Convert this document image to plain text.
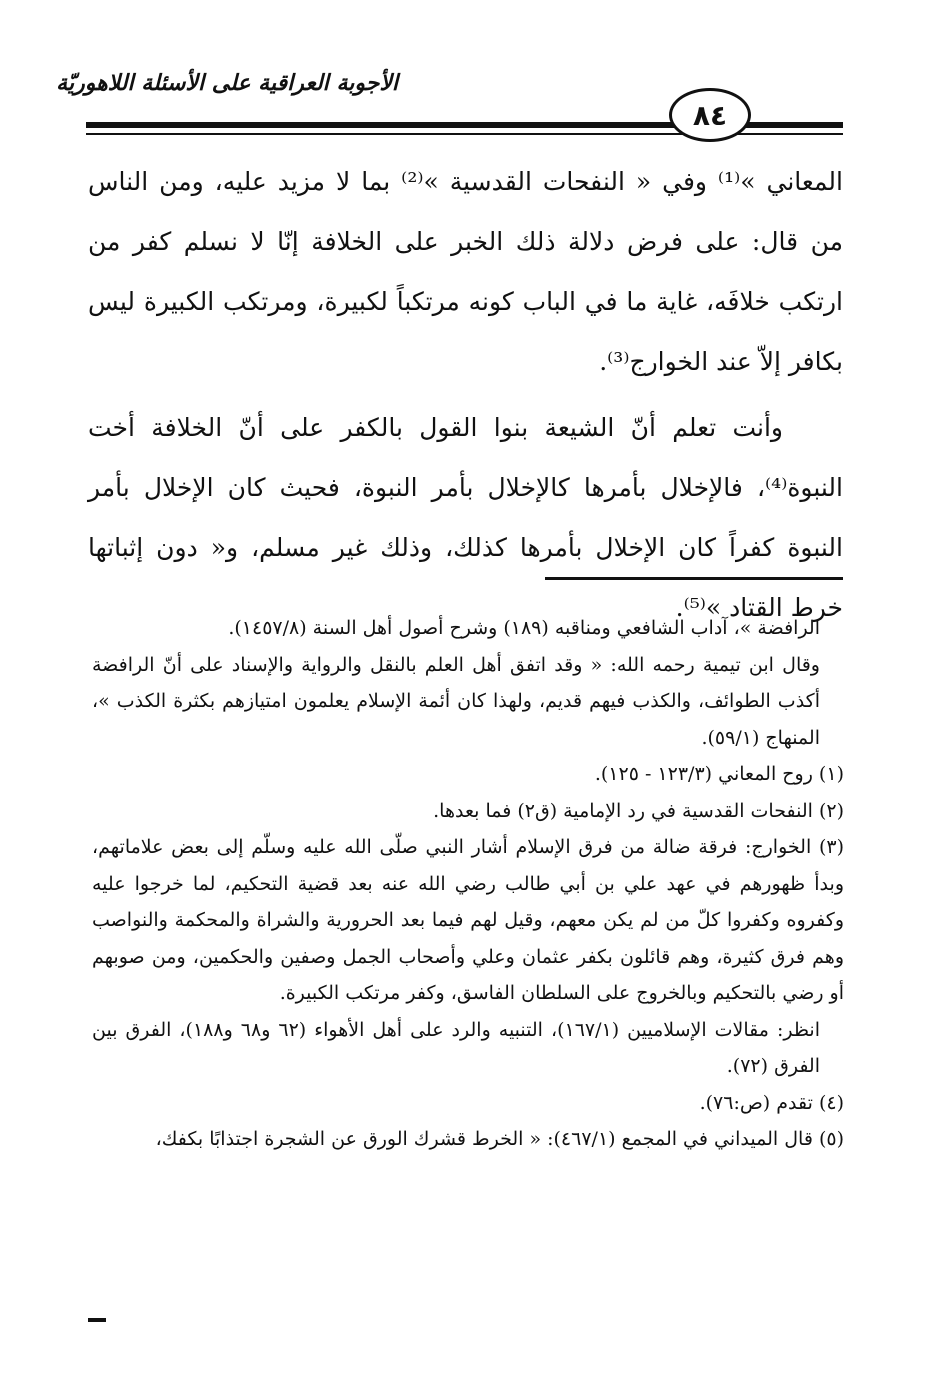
الأجوبة العراقية على الأسئلة اللاهوريّة
٨٤

المعاني »⁽¹⁾ وفي « النفحات القدسية »⁽²⁾ بما لا مزيد عليه، ومن الناس من قال: على فرض دلالة ذلك الخبر على الخلافة إنّا لا نسلم كفر من ارتكب خلافَه، غاية ما في الباب كونه مرتكباً لكبيرة، ومرتكب الكبيرة ليس بكافر إلاّ عند الخوارج⁽³⁾.

وأنت تعلم أنّ الشيعة بنوا القول بالكفر على أنّ الخلافة أخت النبوة⁽⁴⁾، فالإخلال بأمرها كالإخلال بأمر النبوة، فحيث كان الإخلال بأمر النبوة كفراً كان الإخلال بأمرها كذلك، وذلك غير مسلم، و« دون إثباتها خرط القتاد »⁽⁵⁾.

الرافضة »، آداب الشافعي ومناقبه (١٨٩) وشرح أصول أهل السنة (١٤٥٧/٨).

وقال ابن تيمية رحمه الله: « وقد اتفق أهل العلم بالنقل والرواية والإسناد على أنّ الرافضة أكذب الطوائف، والكذب فيهم قديم، ولهذا كان أئمة الإسلام يعلمون امتيازهم بكثرة الكذب »، المنهاج (٥٩/١).

(١) روح المعاني (١٢٣/٣ - ١٢٥).

(٢) النفحات القدسية في رد الإمامية (ق٢) فما بعدها.

(٣) الخوارج: فرقة ضالة من فرق الإسلام أشار النبي صلّى الله عليه وسلّم إلى بعض علاماتهم، وبدأ ظهورهم في عهد علي بن أبي طالب رضي الله عنه بعد قضية التحكيم، لما خرجوا عليه وكفروه وكفروا كلّ من لم يكن معهم، وقيل لهم فيما بعد الحرورية والشراة والمحكمة والنواصب وهم فرق كثيرة، وهم قائلون بكفر عثمان وعلي وأصحاب الجمل وصفين والحكمين، ومن صوبهم أو رضي بالتحكيم وبالخروج على السلطان الفاسق، وكفر مرتكب الكبيرة.

انظر: مقالات الإسلاميين (١٦٧/١)، التنبيه والرد على أهل الأهواء (٦٢ و٦٨ و١٨٨)، الفرق بين الفرق (٧٢).

(٤) تقدم (ص:٧٦).

(٥) قال الميداني في المجمع (٤٦٧/١): « الخرط قشرك الورق عن الشجرة اجتذابًا بكفك،
